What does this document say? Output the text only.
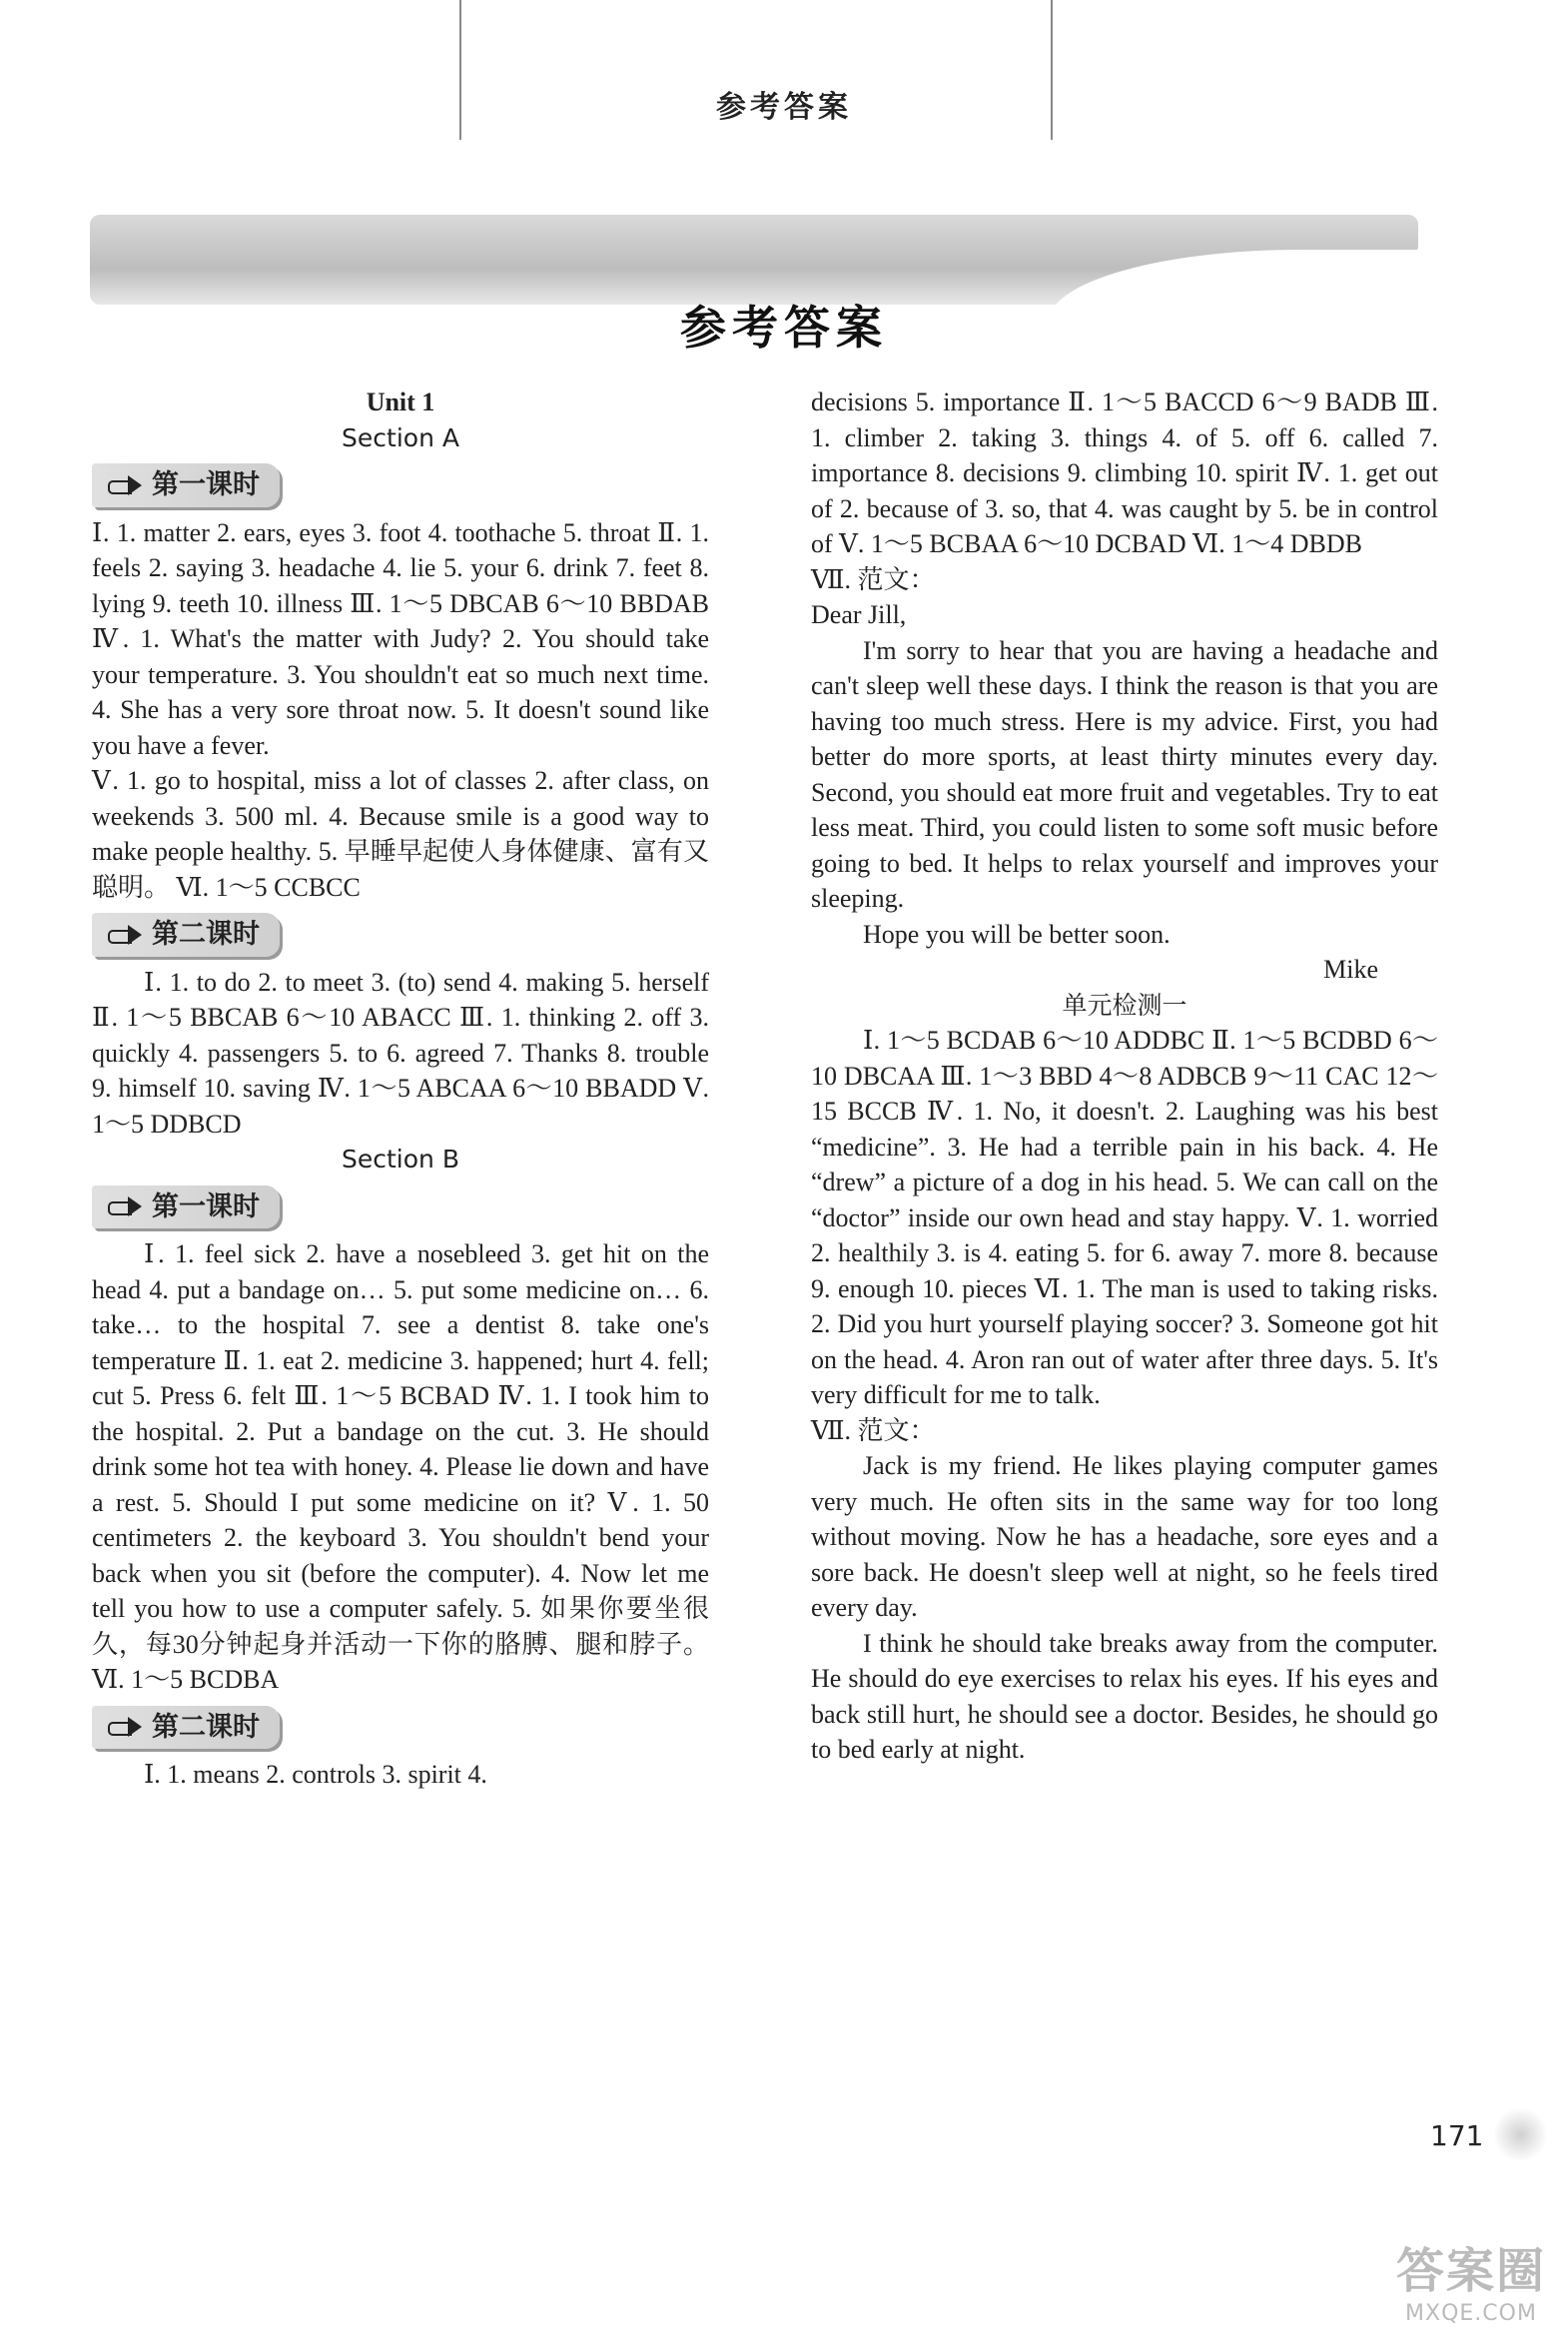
参考答案
参考答案

Unit 1

Section A

第一课时

Ⅰ. 1. matter 2. ears, eyes 3. foot 4. toothache 5. throat Ⅱ. 1. feels 2. saying 3. headache 4. lie 5. your 6. drink 7. feet 8. lying 9. teeth 10. illness Ⅲ. 1～5 DBCAB 6～10 BBDAB Ⅳ. 1. What's the matter with Judy? 2. You should take your temperature. 3. You shouldn't eat so much next time. 4. She has a very sore throat now. 5. It doesn't sound like you have a fever.

Ⅴ. 1. go to hospital, miss a lot of classes 2. after class, on weekends 3. 500 ml. 4. Because smile is a good way to make people healthy. 5. 早睡早起使人身体健康、富有又聪明。 Ⅵ. 1～5 CCBCC

第二课时

Ⅰ. 1. to do 2. to meet 3. (to) send 4. making 5. herself Ⅱ. 1～5 BBCAB 6～10 ABACC Ⅲ. 1. thinking 2. off 3. quickly 4. passengers 5. to 6. agreed 7. Thanks 8. trouble 9. himself 10. saving Ⅳ. 1～5 ABCAA 6～10 BBADD Ⅴ. 1～5 DDBCD

Section B

第一课时

Ⅰ. 1. feel sick 2. have a nosebleed 3. get hit on the head 4. put a bandage on… 5. put some medicine on… 6. take… to the hospital 7. see a dentist 8. take one's temperature Ⅱ. 1. eat 2. medicine 3. happened; hurt 4. fell; cut 5. Press 6. felt Ⅲ. 1～5 BCBAD Ⅳ. 1. I took him to the hospital. 2. Put a bandage on the cut. 3. He should drink some hot tea with honey. 4. Please lie down and have a rest. 5. Should I put some medicine on it? Ⅴ. 1. 50 centimeters 2. the keyboard 3. You shouldn't bend your back when you sit (before the computer). 4. Now let me tell you how to use a computer safely. 5. 如果你要坐很久，每30分钟起身并活动一下你的胳膊、腿和脖子。 Ⅵ. 1～5 BCDBA

第二课时

Ⅰ. 1. means 2. controls 3. spirit 4.

decisions 5. importance Ⅱ. 1～5 BACCD 6～9 BADB Ⅲ. 1. climber 2. taking 3. things 4. of 5. off 6. called 7. importance 8. decisions 9. climbing 10. spirit Ⅳ. 1. get out of 2. because of 3. so, that 4. was caught by 5. be in control of Ⅴ. 1～5 BCBAA 6～10 DCBAD Ⅵ. 1～4 DBDB

Ⅶ. 范文：

Dear Jill,

I'm sorry to hear that you are having a headache and can't sleep well these days. I think the reason is that you are having too much stress. Here is my advice. First, you had better do more sports, at least thirty minutes every day. Second, you should eat more fruit and vegetables. Try to eat less meat. Third, you could listen to some soft music before going to bed. It helps to relax yourself and improves your sleeping.

Hope you will be better soon.

Mike

单元检测一

Ⅰ. 1～5 BCDAB 6～10 ADDBC Ⅱ. 1～5 BCDBD 6～10 DBCAA Ⅲ. 1～3 BBD 4～8 ADBCB 9～11 CAC 12～15 BCCB Ⅳ. 1. No, it doesn't. 2. Laughing was his best “medicine”. 3. He had a terrible pain in his back. 4. He “drew” a picture of a dog in his head. 5. We can call on the “doctor” inside our own head and stay happy. Ⅴ. 1. worried 2. healthily 3. is 4. eating 5. for 6. away 7. more 8. because 9. enough 10. pieces Ⅵ. 1. The man is used to taking risks. 2. Did you hurt yourself playing soccer? 3. Someone got hit on the head. 4. Aron ran out of water after three days. 5. It's very difficult for me to talk.

Ⅶ. 范文：

Jack is my friend. He likes playing computer games very much. He often sits in the same way for too long without moving. Now he has a headache, sore eyes and a sore back. He doesn't sleep well at night, so he feels tired every day.

I think he should take breaks away from the computer. He should do eye exercises to relax his eyes. If his eyes and back still hurt, he should see a doctor. Besides, he should go to bed early at night.

171
答案圈
MXQE.COM
